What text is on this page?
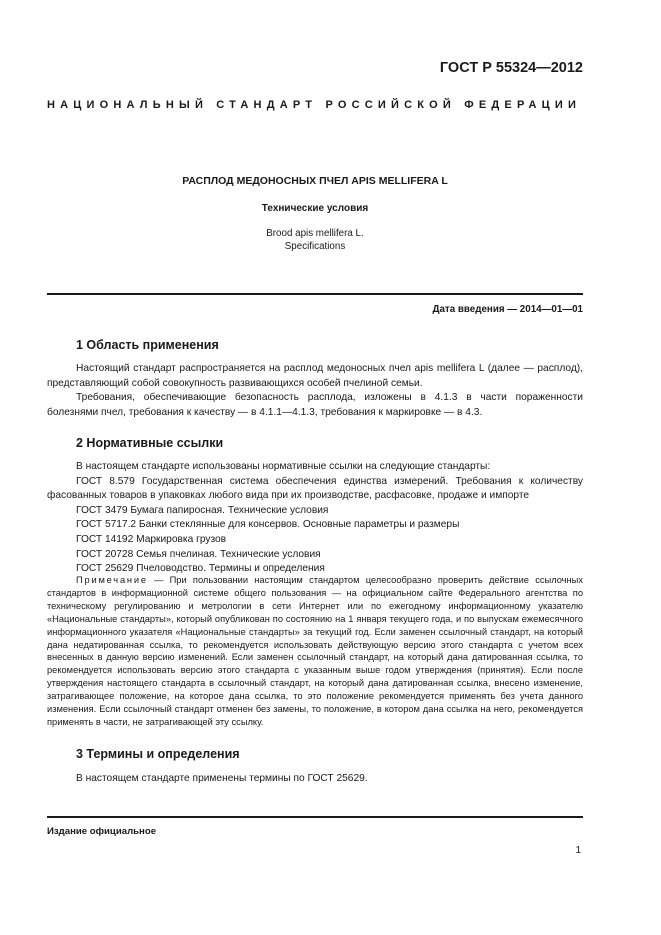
ГОСТ Р 55324—2012
НАЦИОНАЛЬНЫЙ СТАНДАРТ РОССИЙСКОЙ ФЕДЕРАЦИИ
РАСПЛОД МЕДОНОСНЫХ ПЧЕЛ APIS MELLIFERA L
Технические условия
Brood apis mellifera L.
Specifications
Дата введения — 2014—01—01
1 Область применения

Настоящий стандарт распространяется на расплод медоносных пчел apis mellifera L (далее — расплод), представляющий собой совокупность развивающихся особей пчелиной семьи.

Требования, обеспечивающие безопасность расплода, изложены в 4.1.3 в части пораженности болезнями пчел, требования к качеству — в 4.1.1—4.1.3, требования к маркировке — в 4.3.

2 Нормативные ссылки

В настоящем стандарте использованы нормативные ссылки на следующие стандарты:

ГОСТ 8.579 Государственная система обеспечения единства измерений. Требования к количеству фасованных товаров в упаковках любого вида при их производстве, расфасовке, продаже и импорте

ГОСТ 3479 Бумага папиросная. Технические условия

ГОСТ 5717.2 Банки стеклянные для консервов. Основные параметры и размеры

ГОСТ 14192 Маркировка грузов

ГОСТ 20728 Семья пчелиная. Технические условия

ГОСТ 25629 Пчеловодство. Термины и определения

Примечание — При пользовании настоящим стандартом целесообразно проверить действие ссылочных стандартов в информационной системе общего пользования — на официальном сайте Федерального агентства по техническому регулированию и метрологии в сети Интернет или по ежегодному информационному указателю «Национальные стандарты», который опубликован по состоянию на 1 января текущего года, и по выпускам ежемесячного информационного указателя «Национальные стандарты» за текущий год. Если заменен ссылочный стандарт, на который дана недатированная ссылка, то рекомендуется использовать действующую версию этого стандарта с учетом всех внесенных в данную версию изменений. Если заменен ссылочный стандарт, на который дана датированная ссылка, то рекомендуется использовать версию этого стандарта с указанным выше годом утверждения (принятия). Если после утверждения настоящего стандарта в ссылочный стандарт, на который дана датированная ссылка, внесено изменение, затрагивающее положение, на которое дана ссылка, то это положение рекомендуется применять без учета данного изменения. Если ссылочный стандарт отменен без замены, то положение, в котором дана ссылка на него, рекомендуется применять в части, не затрагивающей эту ссылку.

3 Термины и определения

В настоящем стандарте применены термины по ГОСТ 25629.

Издание официальное
1
